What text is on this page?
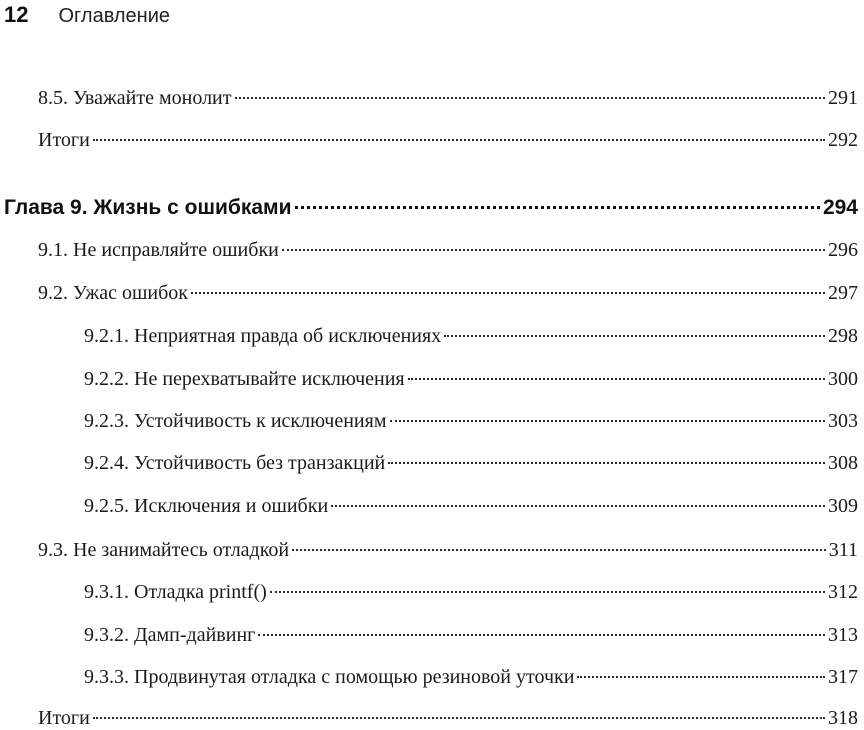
12 Оглавление
8.5. Уважайте монолит	291
Итоги	292
Глава 9. Жизнь с ошибками	294
9.1. Не исправляйте ошибки	296
9.2. Ужас ошибок	297
9.2.1. Неприятная правда об исключениях	298
9.2.2. Не перехватывайте исключения	300
9.2.3. Устойчивость к исключениям	303
9.2.4. Устойчивость без транзакций	308
9.2.5. Исключения и ошибки	309
9.3. Не занимайтесь отладкой	311
9.3.1. Отладка printf()	312
9.3.2. Дамп-дайвинг	313
9.3.3. Продвинутая отладка с помощью резиновой уточки	317
Итоги	318
